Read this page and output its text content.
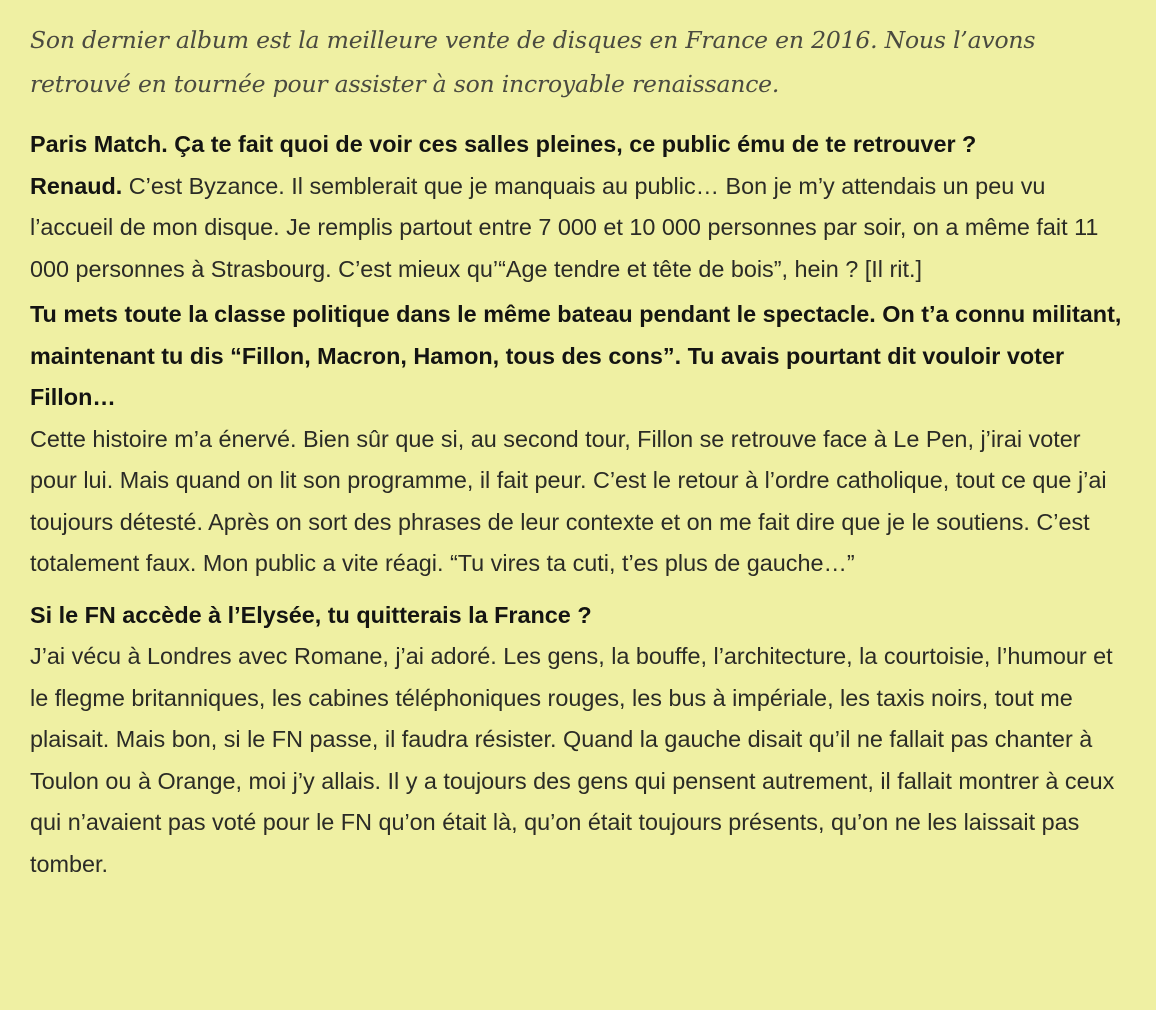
Son dernier album est la meilleure vente de disques en France en 2016. Nous l’avons retrouvé en tournée pour assister à son incroyable renaissance.

Paris Match. Ça te fait quoi de voir ces salles pleines, ce public ému de te retrouver ?
Renaud. C’est Byzance. Il semblerait que je manquais au public… Bon je m’y attendais un peu vu l’accueil de mon disque. Je remplis partout entre 7 000 et 10 000 personnes par soir, on a même fait 11 000 personnes à Strasbourg. C’est mieux qu’“Age tendre et tête de bois”, hein ? [Il rit.]
Tu mets toute la classe politique dans le même bateau pendant le spectacle. On t’a connu militant, maintenant tu dis “Fillon, Macron, Hamon, tous des cons”. Tu avais pourtant dit vouloir voter Fillon…
Cette histoire m’a énervé. Bien sûr que si, au second tour, Fillon se retrouve face à Le Pen, j’irai voter pour lui. Mais quand on lit son programme, il fait peur. C’est le retour à l’ordre catholique, tout ce que j’ai toujours détesté. Après on sort des phrases de leur contexte et on me fait dire que je le soutiens. C’est totalement faux. Mon public a vite réagi. “Tu vires ta cuti, t’es plus de gauche…”
Si le FN accède à l’Elysée, tu quitterais la France ?
J’ai vécu à Londres avec Romane, j’ai adoré. Les gens, la bouffe, l’architecture, la courtoisie, l’humour et le flegme britanniques, les cabines téléphoniques rouges, les bus à impériale, les taxis noirs, tout me plaisait. Mais bon, si le FN passe, il faudra résister. Quand la gauche disait qu’il ne fallait pas chanter à Toulon ou à Orange, moi j’y allais. Il y a toujours des gens qui pensent autrement, il fallait montrer à ceux qui n’avaient pas voté pour le FN qu’on était là, qu’on était toujours présents, qu’on ne les laissait pas tomber.
